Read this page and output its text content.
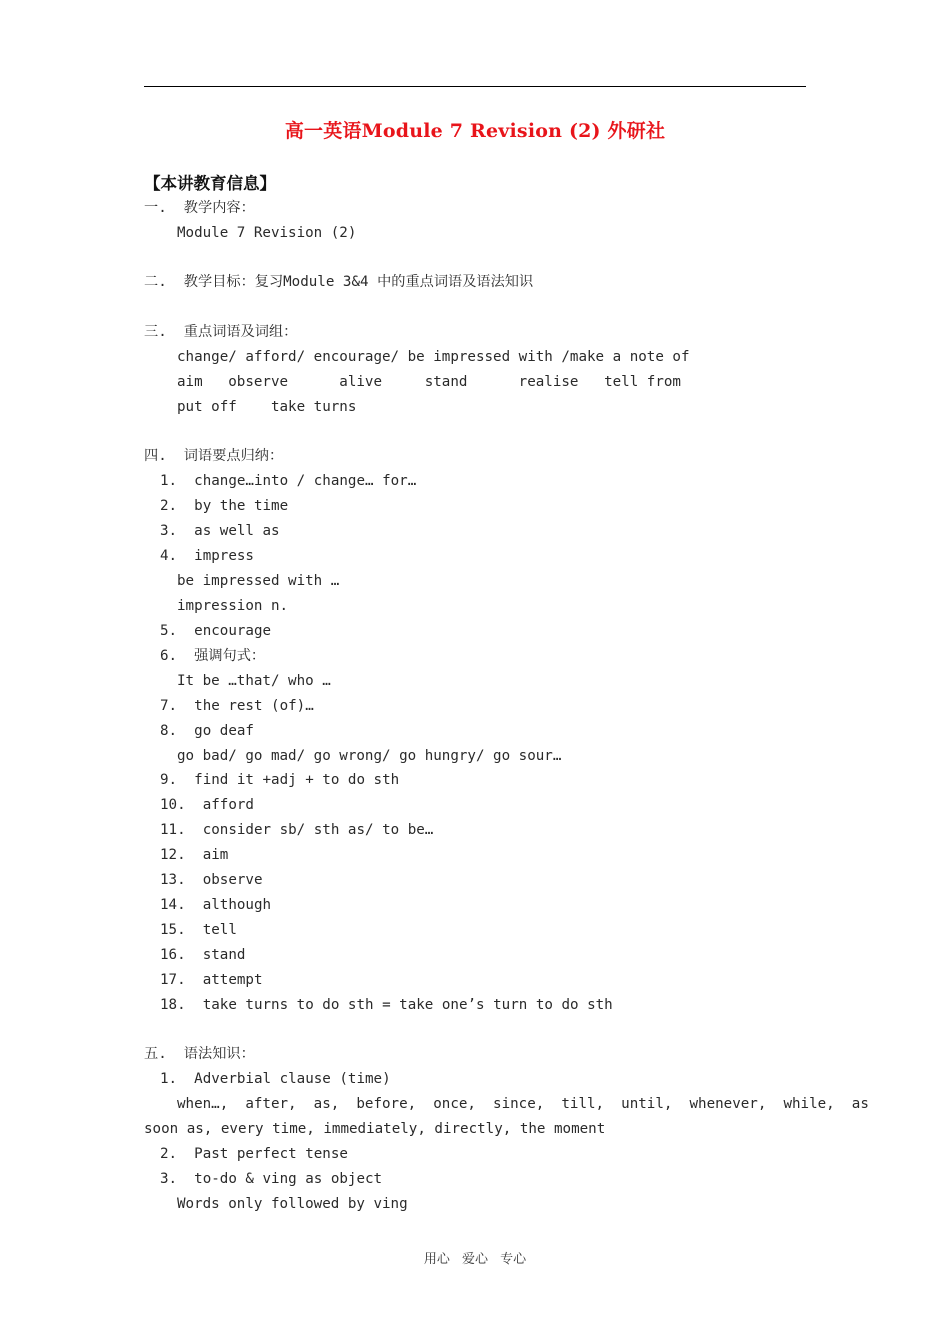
高一英语Module 7 Revision (2) 外研社
【本讲教育信息】
一.  教学内容：
Module 7 Revision (2)
二.  教学目标：复习Module 3&4 中的重点词语及语法知识
三.  重点词语及词组：
change/ afford/ encourage/ be impressed with /make a note of
aim   observe      alive     stand      realise   tell from
put off    take turns
四.  词语要点归纳：
1.  change…into / change… for…
2.  by the time
3.  as well as
4.  impress
be impressed with …
impression n.
5.  encourage
6.  强调句式：
It be …that/ who …
7.  the rest (of)…
8.  go deaf
go bad/ go mad/ go wrong/ go hungry/ go sour…
9.  find it +adj + to do sth
10.  afford
11.  consider sb/ sth as/ to be…
12.  aim
13.  observe
14.  although
15.  tell
16.  stand
17.  attempt
18.  take turns to do sth = take one’s turn to do sth
五.  语法知识：
1.  Adverbial clause (time)
when…,  after,  as,  before,  once,  since,  till,  until,  whenever,  while,  as
soon as, every time, immediately, directly, the moment
2.  Past perfect tense
3.  to-do & ving as object
Words only followed by ving
用心 爱心 专心
